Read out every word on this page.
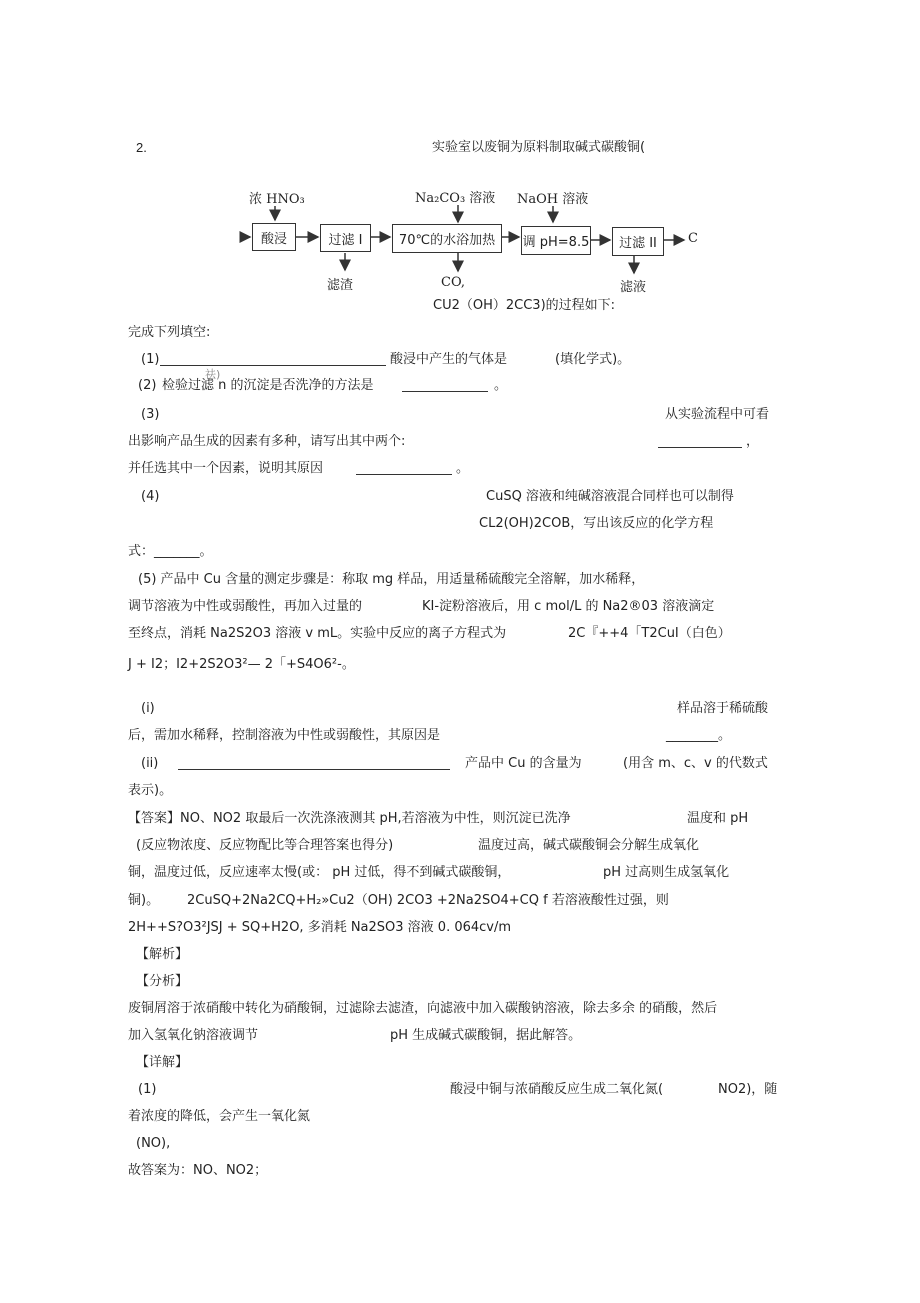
2.	实验室以废铜为原料制取碱式碳酸铜(
浓 HNO₃
酸浸	过滤 I
滤渣
Na₂CO₃ 溶液
70℃的水浴加热
CO,
NaOH 溶液
调 pH=8.5	过滤 II
滤液
C
CU2（OH）2CC3)的过程如下:
完成下列填空:
(1)	酸浸中产生的气体是	(填化学式)。
(2) 检验过滤 n 的沉淀是否洗净的方法是	。
祛)
(3)	从实验流程中可看
出影响产品生成的因素有多种，请写出其中两个:	，
并任选其中一个因素，说明其原因	。
(4)	CuSQ 溶液和纯碱溶液混合同样也可以制得
CL2(OH)2COB，写出该反应的化学方程
式：_______。
(5) 产品中 Cu 含量的测定步骤是：称取 mg 样品，用适量稀硫酸完全溶解，加水稀释，
调节溶液为中性或弱酸性，再加入过量的	KI-淀粉溶液后，用 c mol/L 的 Na2®03 溶液滴定
至终点，消耗 Na2S2O3 溶液 v mL。实验中反应的离子方程式为	2C『++4「T2CuI（白色）
J + I2；I2+2S2O3²— 2「+S4O6²-。
(i)	样品溶于稀硫酸
后，需加水稀释，控制溶液为中性或弱酸性，其原因是	________。
(ii)	产品中 Cu 的含量为	(用含 m、c、v 的代数式
表示)。
【答案】NO、NO2 取最后一次洗涤液测其 pH,若溶液为中性，则沉淀已洗净	温度和 pH
(反应物浓度、反应物配比等合理答案也得分)	温度过高，碱式碳酸铜会分解生成氧化
铜，温度过低，反应速率太慢(或： pH 过低，得不到碱式碳酸铜，	pH 过高则生成氢氧化
铜)。 2CuSQ+2Na2CQ+H₂»Cu2（OH) 2CO3 +2Na2SO4+CQ f 若溶液酸性过强，则
2H++S?O3²JSJ + SQ+H2O, 多消耗 Na2SO3 溶液 0. 064cv/m
【解析】
【分析】
废铜屑溶于浓硝酸中转化为硝酸铜，过滤除去滤渣，向滤液中加入碳酸钠溶液，除去多余 的硝酸，然后
加入氢氧化钠溶液调节	pH 生成碱式碳酸铜，据此解答。
【详解】
(1)	酸浸中铜与浓硝酸反应生成二氧化氮(	NO2)，随
着浓度的降低，会产生一氧化氮
(NO),
故答案为：NO、NO2；
